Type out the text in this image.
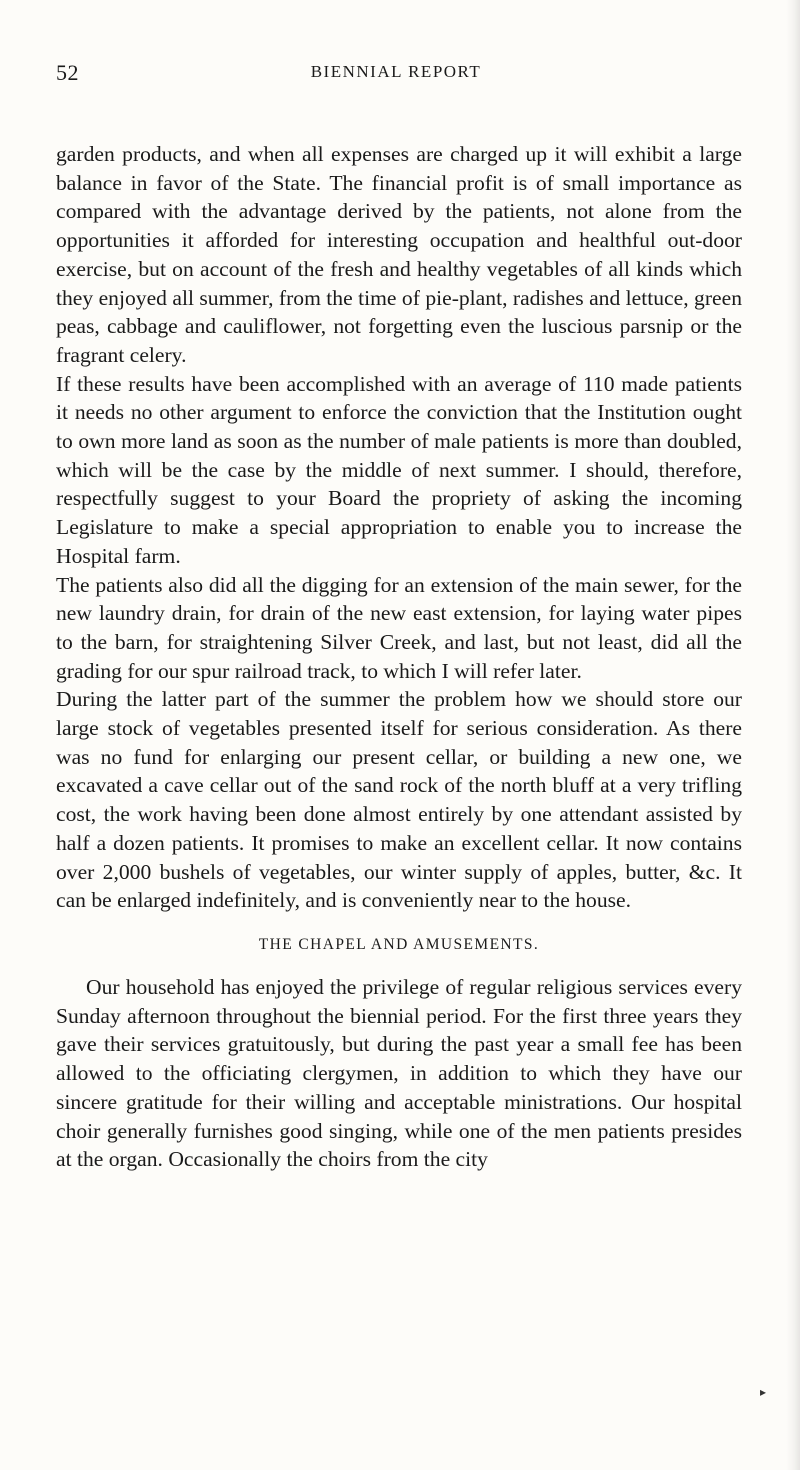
52	BIENNIAL REPORT

garden products, and when all expenses are charged up it will exhibit a large balance in favor of the State. The financial profit is of small importance as compared with the advantage derived by the patients, not alone from the opportunities it afforded for interesting occupation and healthful out-door exercise, but on account of the fresh and healthy vegetables of all kinds which they enjoyed all summer, from the time of pie-plant, radishes and lettuce, green peas, cabbage and cauliflower, not forgetting even the luscious parsnip or the fragrant celery.

If these results have been accomplished with an average of 110 made patients it needs no other argument to enforce the conviction that the Institution ought to own more land as soon as the number of male patients is more than doubled, which will be the case by the middle of next summer. I should, therefore, respectfully suggest to your Board the propriety of asking the incoming Legislature to make a special appropriation to enable you to increase the Hospital farm.

The patients also did all the digging for an extension of the main sewer, for the new laundry drain, for drain of the new east extension, for laying water pipes to the barn, for straightening Silver Creek, and last, but not least, did all the grading for our spur railroad track, to which I will refer later.

During the latter part of the summer the problem how we should store our large stock of vegetables presented itself for serious consideration. As there was no fund for enlarging our present cellar, or building a new one, we excavated a cave cellar out of the sand rock of the north bluff at a very trifling cost, the work having been done almost entirely by one attendant assisted by half a dozen patients. It promises to make an excellent cellar. It now contains over 2,000 bushels of vegetables, our winter supply of apples, butter, &c. It can be enlarged indefinitely, and is conveniently near to the house.

THE CHAPEL AND AMUSEMENTS.

Our household has enjoyed the privilege of regular religious services every Sunday afternoon throughout the biennial period. For the first three years they gave their services gratuitously, but during the past year a small fee has been allowed to the officiating clergymen, in addition to which they have our sincere gratitude for their willing and acceptable ministrations. Our hospital choir generally furnishes good singing, while one of the men patients presides at the organ. Occasionally the choirs from the city

▸
